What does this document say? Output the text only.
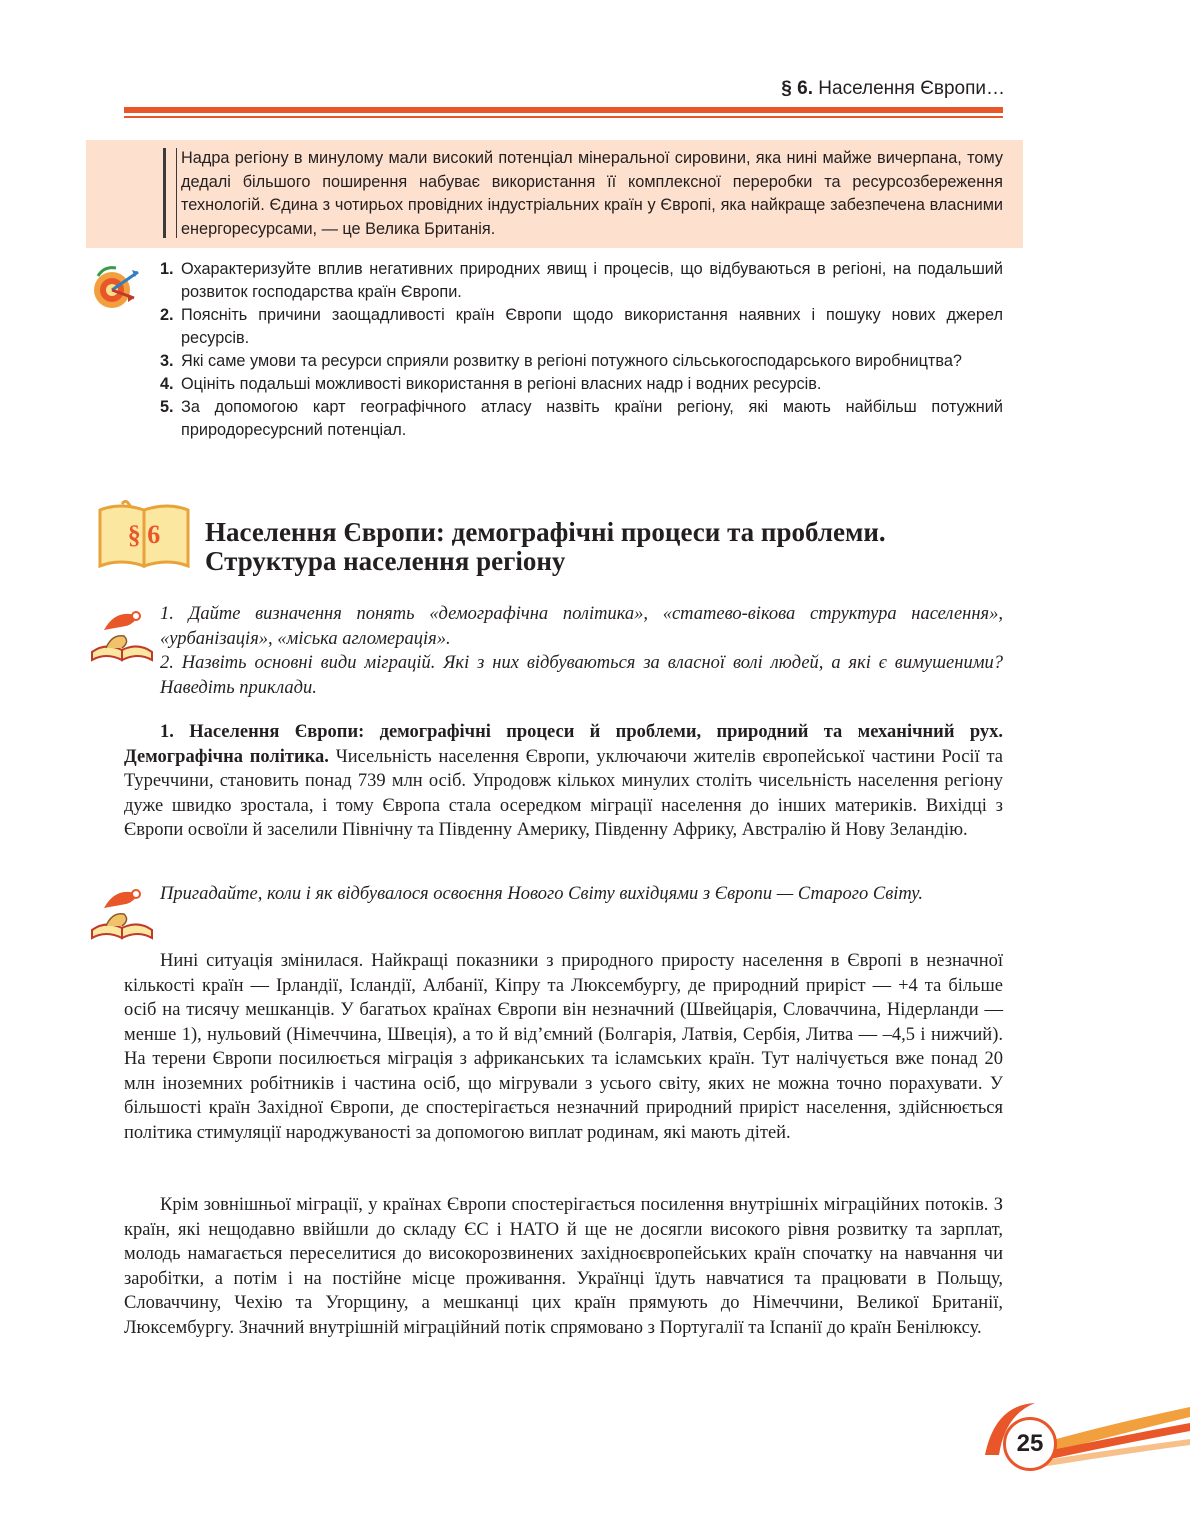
§ 6. Населення Європи…
Надра регіону в минулому мали високий потенціал мінеральної сировини, яка нині майже вичерпана, тому дедалі більшого поширення набуває використання її комплексної переробки та ресурсозбереження технологій. Єдина з чотирьох провідних індустріальних країн у Європі, яка найкраще забезпечена власними енергоресурсами, — це Велика Британія.
1. Охарактеризуйте вплив негативних природних явищ і процесів, що відбуваються в регіоні, на подальший розвиток господарства країн Європи.
2. Поясніть причини заощадливості країн Європи щодо використання наявних і пошуку нових джерел ресурсів.
3. Які саме умови та ресурси сприяли розвитку в регіоні потужного сільськогосподарського виробництва?
4. Оцініть подальші можливості використання в регіоні власних надр і водних ресурсів.
5. За допомогою карт географічного атласу назвіть країни регіону, які мають найбільш потужний природоресурсний потенціал.
§ 6	Населення Європи: демографічні процеси та проблеми.
Структура населення регіону
1. Дайте визначення понять «демографічна політика», «статево-вікова структура населення», «урбанізація», «міська агломерація».
2. Назвіть основні види міграцій. Які з них відбуваються за власної волі людей, а які є вимушеними? Наведіть приклади.

1. Населення Європи: демографічні процеси й проблеми, природний та механічний рух. Демографічна політика. Чисельність населення Європи, уключаючи жителів європейської частини Росії та Туреччини, становить понад 739 млн осіб. Упродовж кількох минулих століть чисельність населення регіону дуже швидко зростала, і тому Європа стала осередком міграції населення до інших материків. Вихідці з Європи освоїли й заселили Північну та Південну Америку, Південну Африку, Австралію й Нову Зеландію.

Пригадайте, коли і як відбувалося освоєння Нового Світу вихідцями з Європи — Старого Світу.

Нині ситуація змінилася. Найкращі показники з природного приросту населення в Європі в незначної кількості країн — Ірландії, Ісландії, Албанії, Кіпру та Люксембургу, де природний приріст — +4 та більше осіб на тисячу мешканців. У багатьох країнах Європи він незначний (Швейцарія, Словаччина, Нідерланди — менше 1), нульовий (Німеччина, Швеція), а то й від’ємний (Болгарія, Латвія, Сербія, Литва — –4,5 і нижчий). На терени Європи посилюється міграція з африканських та ісламських країн. Тут налічується вже понад 20 млн іноземних робітників і частина осіб, що мігрували з усього світу, яких не можна точно порахувати. У більшості країн Західної Європи, де спостерігається незначний природний приріст населення, здійснюється політика стимуляції народжуваності за допомогою виплат родинам, які мають дітей.

Крім зовнішньої міграції, у країнах Європи спостерігається посилення внутрішніх міграційних потоків. З країн, які нещодавно ввійшли до складу ЄС і НАТО й ще не досягли високого рівня розвитку та зарплат, молодь намагається переселитися до високорозвинених західноєвропейських країн спочатку на навчання чи заробітки, а потім і на постійне місце проживання. Українці їдуть навчатися та працювати в Польщу, Словаччину, Чехію та Угорщину, а мешканці цих країн прямують до Німеччини, Великої Британії, Люксембургу. Значний внутрішній міграційний потік спрямовано з Португалії та Іспанії до країн Бенілюксу.

25
